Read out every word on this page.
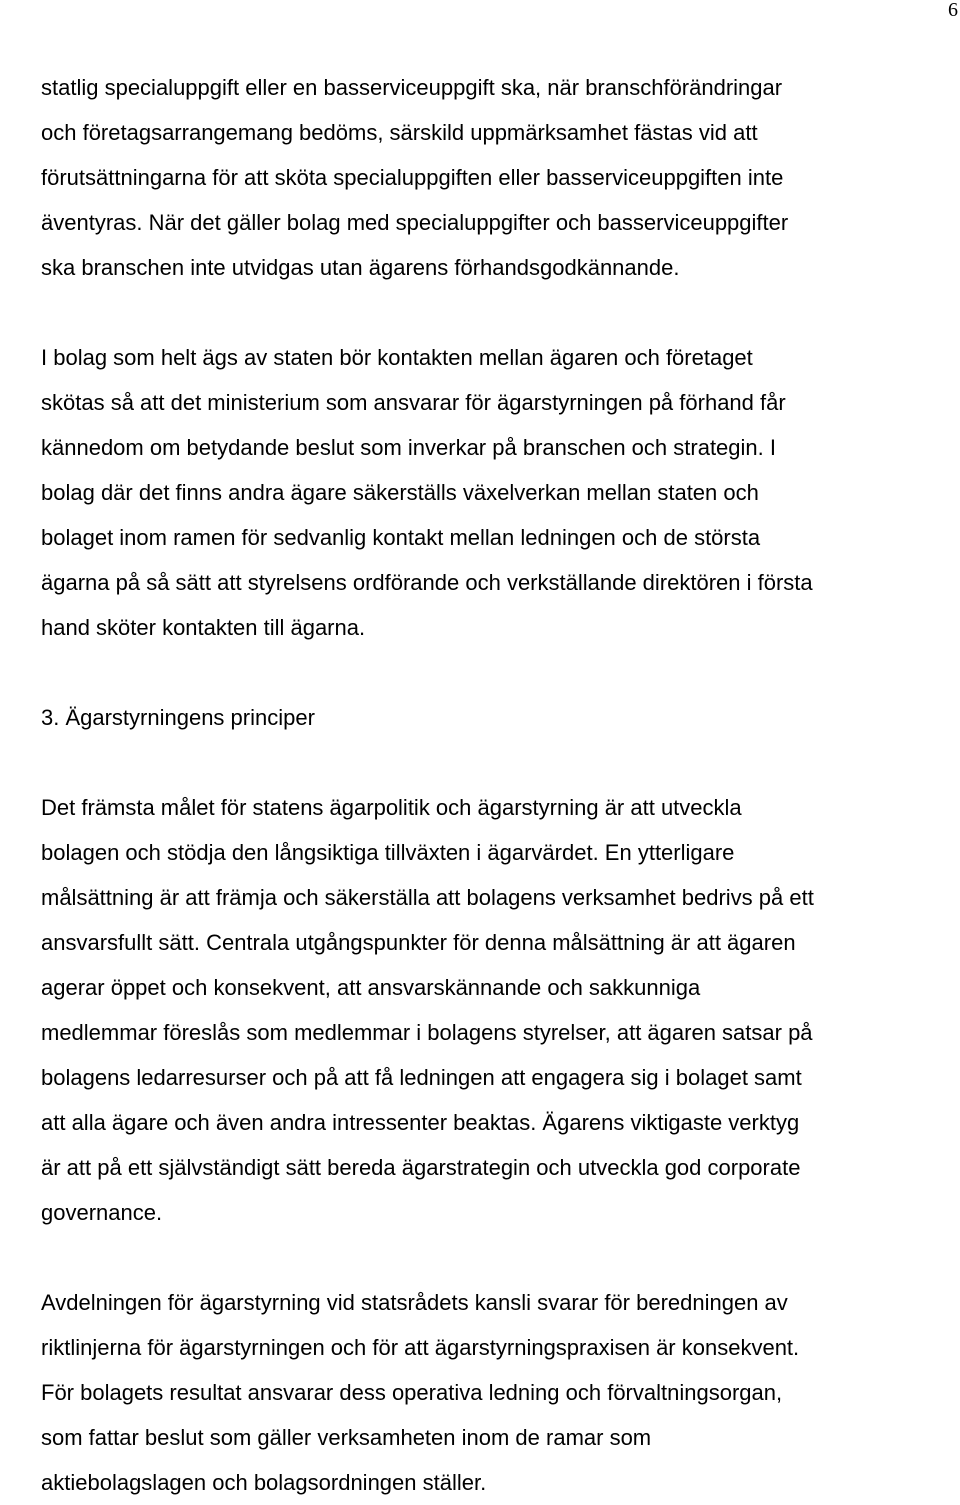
6
statlig specialuppgift eller en basserviceuppgift ska, när branschförändringar
och företagsarrangemang bedöms, särskild uppmärksamhet fästas vid att
förutsättningarna för att sköta specialuppgiften eller basserviceuppgiften inte
äventyras. När det gäller bolag med specialuppgifter och basserviceuppgifter
ska branschen inte utvidgas utan ägarens förhandsgodkännande.
I bolag som helt ägs av staten bör kontakten mellan ägaren och företaget
skötas så att det ministerium som ansvarar för ägarstyrningen på förhand får
kännedom om betydande beslut som inverkar på branschen och strategin. I
bolag där det finns andra ägare säkerställs växelverkan mellan staten och
bolaget inom ramen för sedvanlig kontakt mellan ledningen och de största
ägarna på så sätt att styrelsens ordförande och verkställande direktören i första
hand sköter kontakten till ägarna.
3. Ägarstyrningens principer
Det främsta målet för statens ägarpolitik och ägarstyrning är att utveckla
bolagen och stödja den långsiktiga tillväxten i ägarvärdet. En ytterligare
målsättning är att främja och säkerställa att bolagens verksamhet bedrivs på ett
ansvarsfullt sätt. Centrala utgångspunkter för denna målsättning är att ägaren
agerar öppet och konsekvent, att ansvarskännande och sakkunniga
medlemmar föreslås som medlemmar i bolagens styrelser, att ägaren satsar på
bolagens ledarresurser och på att få ledningen att engagera sig i bolaget samt
att alla ägare och även andra intressenter beaktas. Ägarens viktigaste verktyg
är att på ett självständigt sätt bereda ägarstrategin och utveckla god corporate
governance.
Avdelningen för ägarstyrning vid statsrådets kansli svarar för beredningen av
riktlinjerna för ägarstyrningen och för att ägarstyrningspraxisen är konsekvent.
För bolagets resultat ansvarar dess operativa ledning och förvaltningsorgan,
som fattar beslut som gäller verksamheten inom de ramar som
aktiebolagslagen och bolagsordningen ställer.
